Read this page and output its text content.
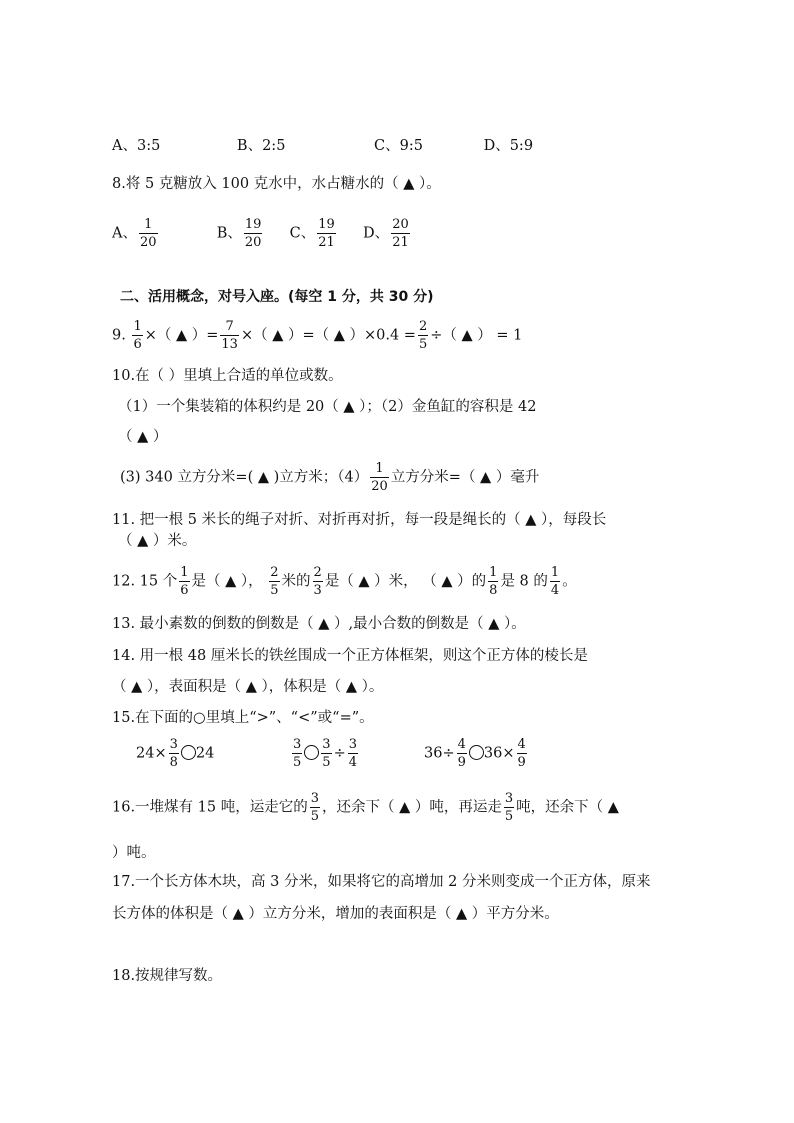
A、3:5	B、2:5	C、9:5	D、5:9
8.将 5 克糖放入 100 克水中，水占糖水的（ ▲ ）。
A、 $\frac{1}{20}$	B、 $\frac{19}{20}$ C、 $\frac{19}{21}$ D、 $\frac{20}{21}$
二、活用概念，对号入座。(每空 1 分，共 30 分)
9. $\frac{1}{6}$ ×（ ▲ ）= $\frac{7}{13}$ ×（ ▲ ）=（ ▲ ）$\times 0.4 = \frac{2}{5}$ ÷（ ▲ ） = 1
10.在（ ）里填上合适的单位或数。
（1）一个集装箱的体积约是 20（ ▲ ）；（2）金鱼缸的容积是 42
（ ▲ ）
(3) 340 立方分米=( ▲ )立方米；$(4) \frac{1}{20}$ 立方分米=（ ▲ ）毫升
11. 把一根 5 米长的绳子对折、对折再对折，每一段是绳长的（ ▲ ），每段长
（ ▲ ）米。
12. 15 个 $\frac{1}{6}$ 是（ ▲ ）， $\frac{2}{5}$ 米的 $\frac{2}{3}$ 是（ ▲ ）米， （ ▲ ）的 $\frac{1}{8}$ 是 8 的 $\frac{1}{4}$ 。
13. 最小素数的倒数的倒数是（ ▲ ）,最小合数的倒数是（ ▲ ）。
14. 用一根 48 厘米长的铁丝围成一个正方体框架，则这个正方体的棱长是
（ ▲ ），表面积是（ ▲ ），体积是（ ▲ ）。
15.在下面的○里填上“>”、“<”或“=”。
$24\times \frac{3}{8} 24$	$\frac{3}{5} \frac{3}{5} \div \frac{3}{4}$	$36\div \frac{4}{9} 36\times \frac{4}{9}$
16.一堆煤有 15 吨，运走它的 $\frac{3}{5}$ ，还余下（ ▲ ）吨，再运走 $\frac{3}{5}$ 吨，还余下（ ▲
）吨。
17.一个长方体木块，高 3 分米，如果将它的高增加 2 分米则变成一个正方体，原来
长方体的体积是（ ▲ ）立方分米，增加的表面积是（ ▲ ）平方分米。
18.按规律写数。
